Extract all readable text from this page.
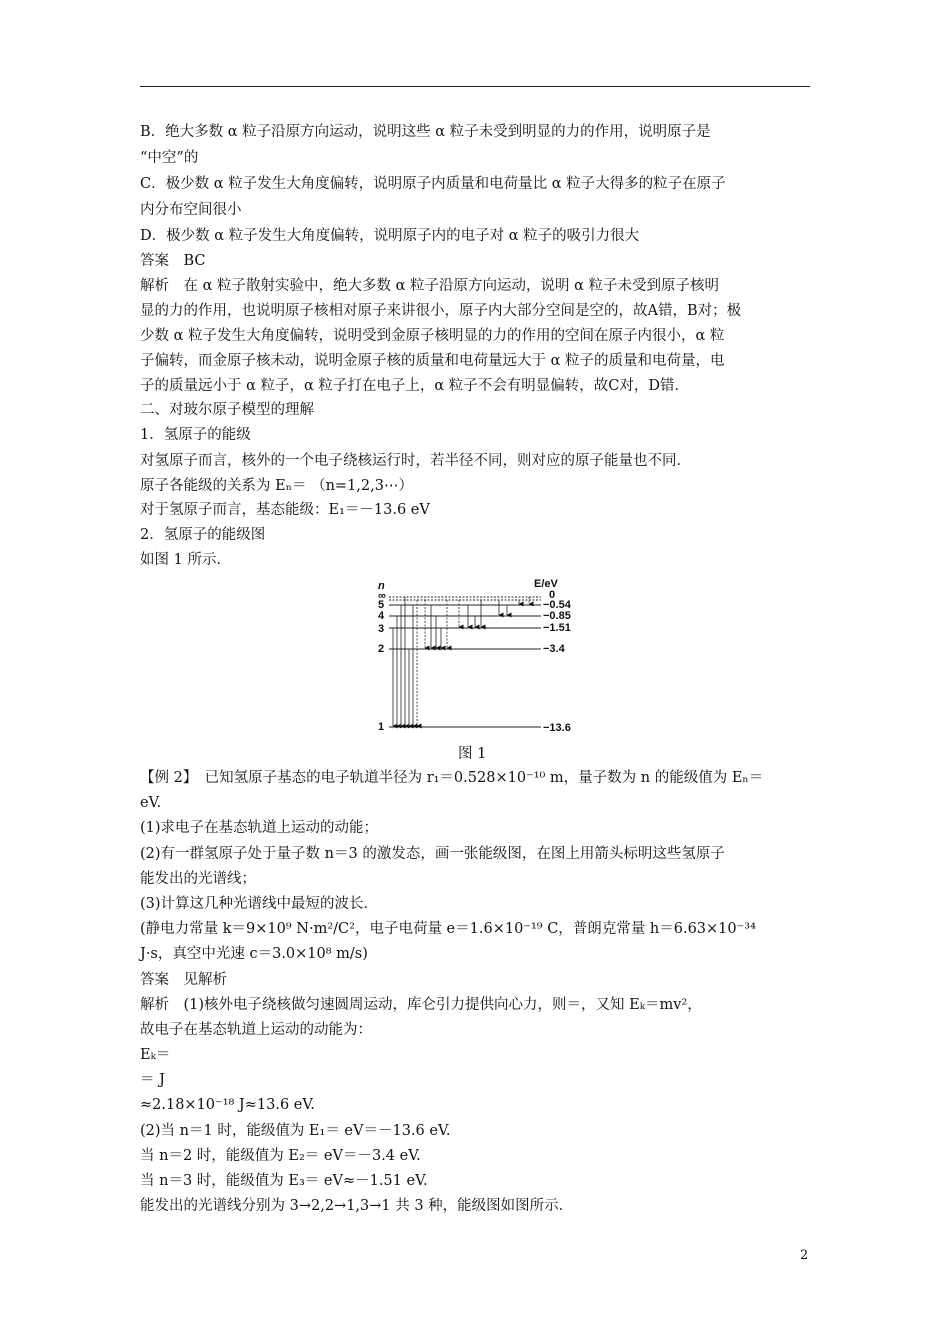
B．绝大多数 α 粒子沿原方向运动，说明这些 α 粒子未受到明显的力的作用，说明原子是
“中空”的
C．极少数 α 粒子发生大角度偏转，说明原子内质量和电荷量比 α 粒子大得多的粒子在原子
内分布空间很小
D．极少数 α 粒子发生大角度偏转，说明原子内的电子对 α 粒子的吸引力很大
答案　BC
解析　在 α 粒子散射实验中，绝大多数 α 粒子沿原方向运动，说明 α 粒子未受到原子核明
显的力的作用，也说明原子核相对原子来讲很小，原子内大部分空间是空的，故A错，B对；极
少数 α 粒子发生大角度偏转，说明受到金原子核明显的力的作用的空间在原子内很小，α 粒
子偏转，而金原子核未动，说明金原子核的质量和电荷量远大于 α 粒子的质量和电荷量，电
子的质量远小于 α 粒子，α 粒子打在电子上，α 粒子不会有明显偏转，故C对，D错．
二、对玻尔原子模型的理解
1．氢原子的能级
对氢原子而言，核外的一个电子绕核运行时，若半径不同，则对应的原子能量也不同．
原子各能级的关系为 Eₙ＝ （n=1,2,3⋯）
对于氢原子而言，基态能级：E₁＝－13.6 eV
2．氢原子的能级图
如图 1 所示．
n	E/eV
∞
5
4
3
2
1
0
−0.54
−0.85
−1.51
−3.4
−13.6
图 1
【例 2】　已知氢原子基态的电子轨道半径为 r₁＝0.528×10⁻¹⁰ m，量子数为 n 的能级值为 Eₙ＝
eV.
(1)求电子在基态轨道上运动的动能；
(2)有一群氢原子处于量子数 n＝3 的激发态，画一张能级图，在图上用箭头标明这些氢原子
能发出的光谱线；
(3)计算这几种光谱线中最短的波长．
(静电力常量 k＝9×10⁹ N·m²/C²，电子电荷量 e＝1.6×10⁻¹⁹ C，普朗克常量 h＝6.63×10⁻³⁴
J·s，真空中光速 c＝3.0×10⁸ m/s)
答案　见解析
解析　(1)核外电子绕核做匀速圆周运动，库仑引力提供向心力，则＝，又知 Eₖ＝mv²，
故电子在基态轨道上运动的动能为：
Eₖ＝
＝ J
≈2.18×10⁻¹⁸ J≈13.6 eV.
(2)当 n＝1 时，能级值为 E₁＝ eV＝－13.6 eV.
当 n＝2 时，能级值为 E₂＝ eV＝－3.4 eV.
当 n＝3 时，能级值为 E₃＝ eV≈－1.51 eV.
能发出的光谱线分别为 3→2,2→1,3→1 共 3 种，能级图如图所示．
2
